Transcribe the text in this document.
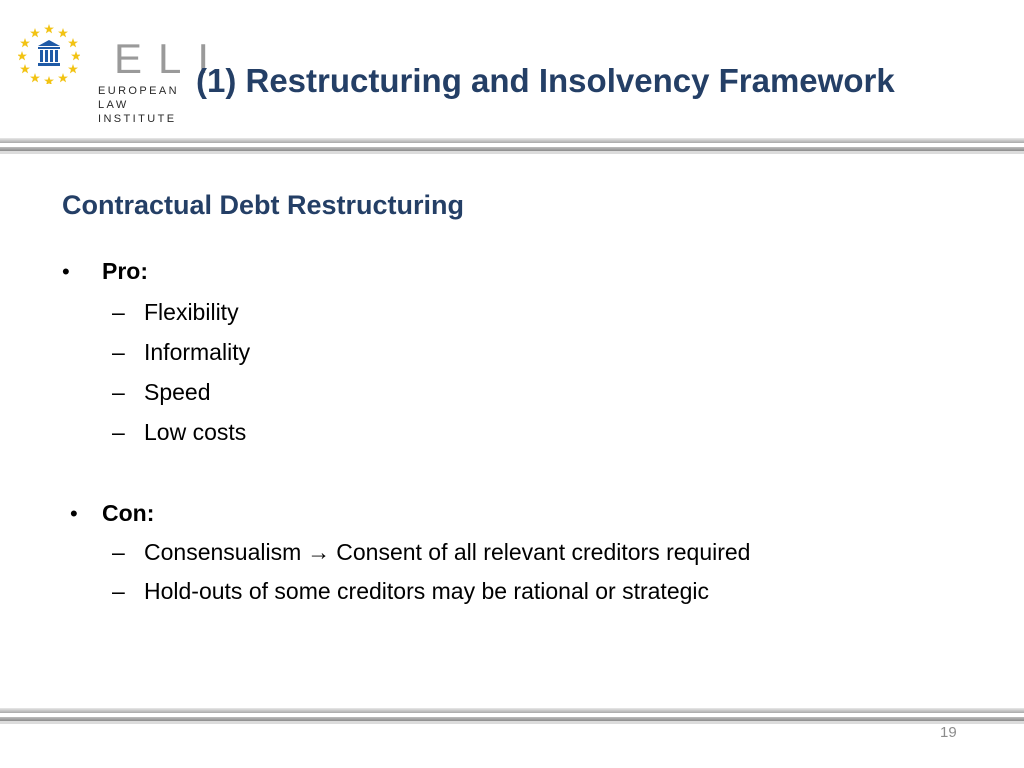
ELI
EUROPEAN
LAW
INSTITUTE
(1) Restructuring and Insolvency Framework
Contractual Debt Restructuring
•	Pro:
– Flexibility
– Informality
– Speed
– Low costs
•	Con:
– Consensualism → Consent of all relevant creditors required
– Hold-outs of some creditors may be rational or strategic
19
